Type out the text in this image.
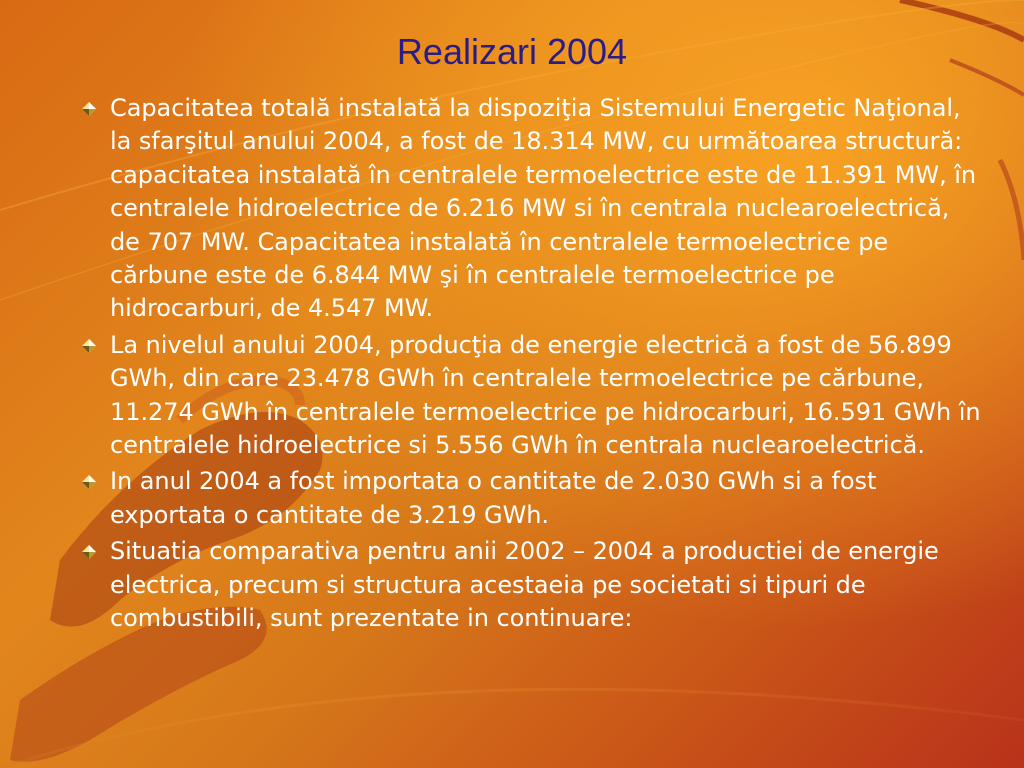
Realizari 2004
Capacitatea totală instalată la dispoziţia Sistemului Energetic Naţional, la sfarşitul anului 2004, a fost de 18.314 MW, cu următoarea structură: capacitatea instalată în centralele termoelectrice este de 11.391 MW, în centralele hidroelectrice de 6.216 MW si în centrala nuclearoelectrică, de 707 MW. Capacitatea instalată în centralele termoelectrice pe cărbune este de 6.844 MW şi în centralele termoelectrice pe hidrocarburi, de 4.547 MW.
La nivelul anului 2004, producţia de energie electrică a fost de 56.899 GWh, din care 23.478 GWh în centralele termoelectrice pe cărbune, 11.274 GWh în centralele termoelectrice pe hidrocarburi, 16.591 GWh în centralele hidroelectrice si 5.556 GWh în centrala nuclearoelectrică.
In anul 2004 a fost importata o cantitate de 2.030 GWh si a fost exportata o cantitate de 3.219 GWh.
Situatia comparativa pentru anii 2002 – 2004 a productiei de energie electrica, precum si structura acestaeia pe societati si tipuri de combustibili, sunt prezentate in continuare:
